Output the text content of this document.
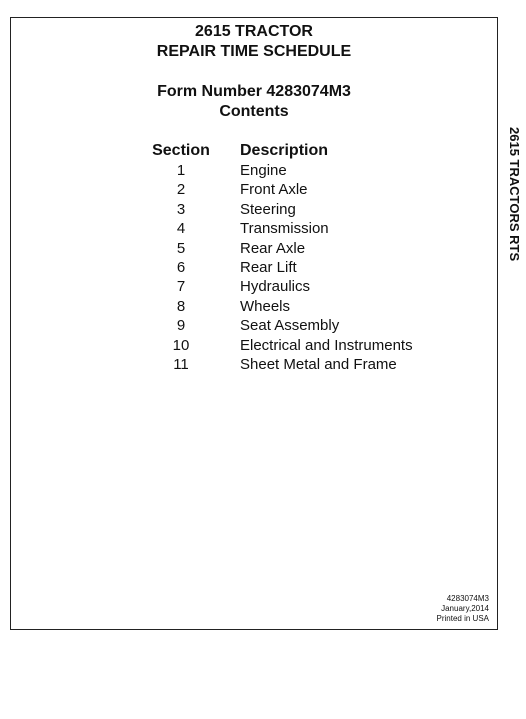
2615 TRACTOR
REPAIR TIME SCHEDULE
Form Number 4283074M3
Contents
Section	Description
1	Engine
2	Front Axle
3	Steering
4	Transmission
5	Rear Axle
6	Rear Lift
7	Hydraulics
8	Wheels
9	Seat Assembly
10	Electrical and Instruments
11	Sheet Metal and Frame
4283074M3
January,2014
Printed in USA
2615 TRACTORS RTS
